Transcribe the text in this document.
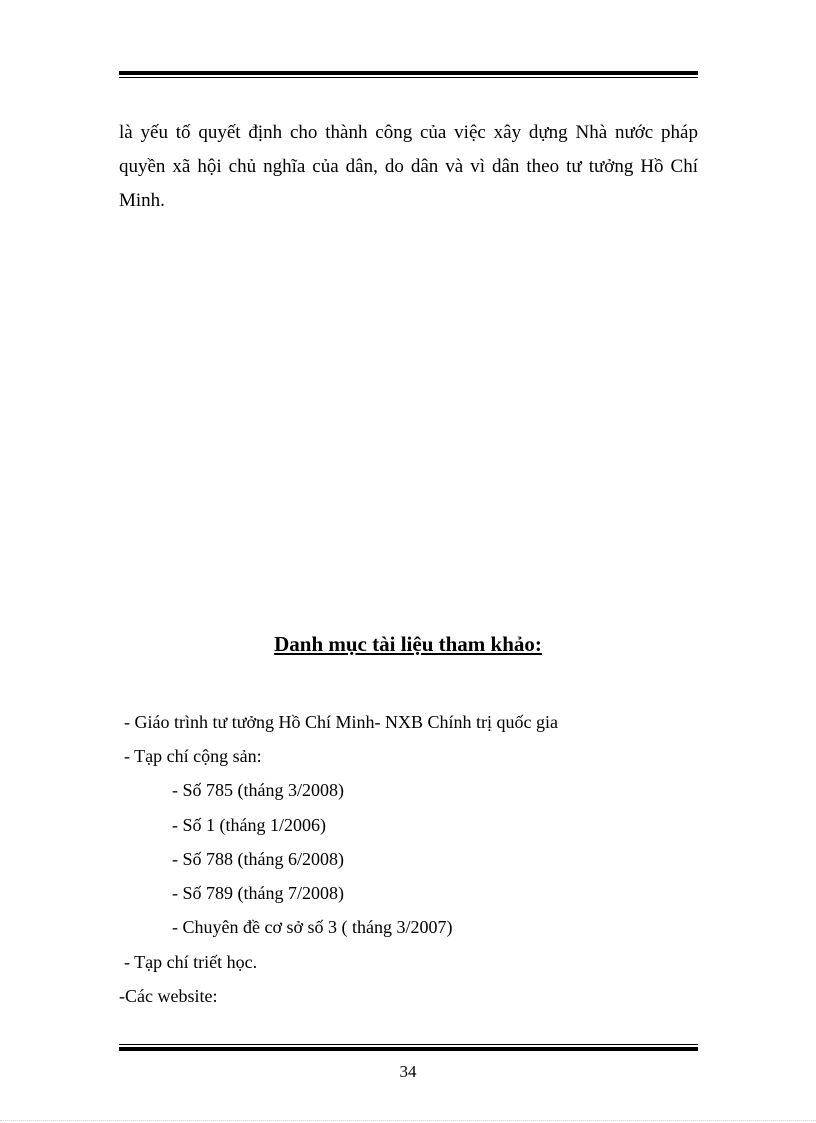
là yếu tố quyết định cho thành công của việc xây dựng Nhà nước pháp quyền xã hội chủ nghĩa của dân, do dân và vì dân theo tư tưởng Hồ Chí Minh.
Danh mục tài liệu tham khảo:
- Giáo trình tư tưởng Hồ Chí Minh- NXB Chính trị quốc gia
- Tạp chí cộng sản:
- Số 785 (tháng 3/2008)
- Số 1 (tháng 1/2006)
- Số 788 (tháng 6/2008)
- Số 789 (tháng 7/2008)
- Chuyên đề cơ sở số 3 ( tháng 3/2007)
- Tạp chí triết học.
-Các website:
34
